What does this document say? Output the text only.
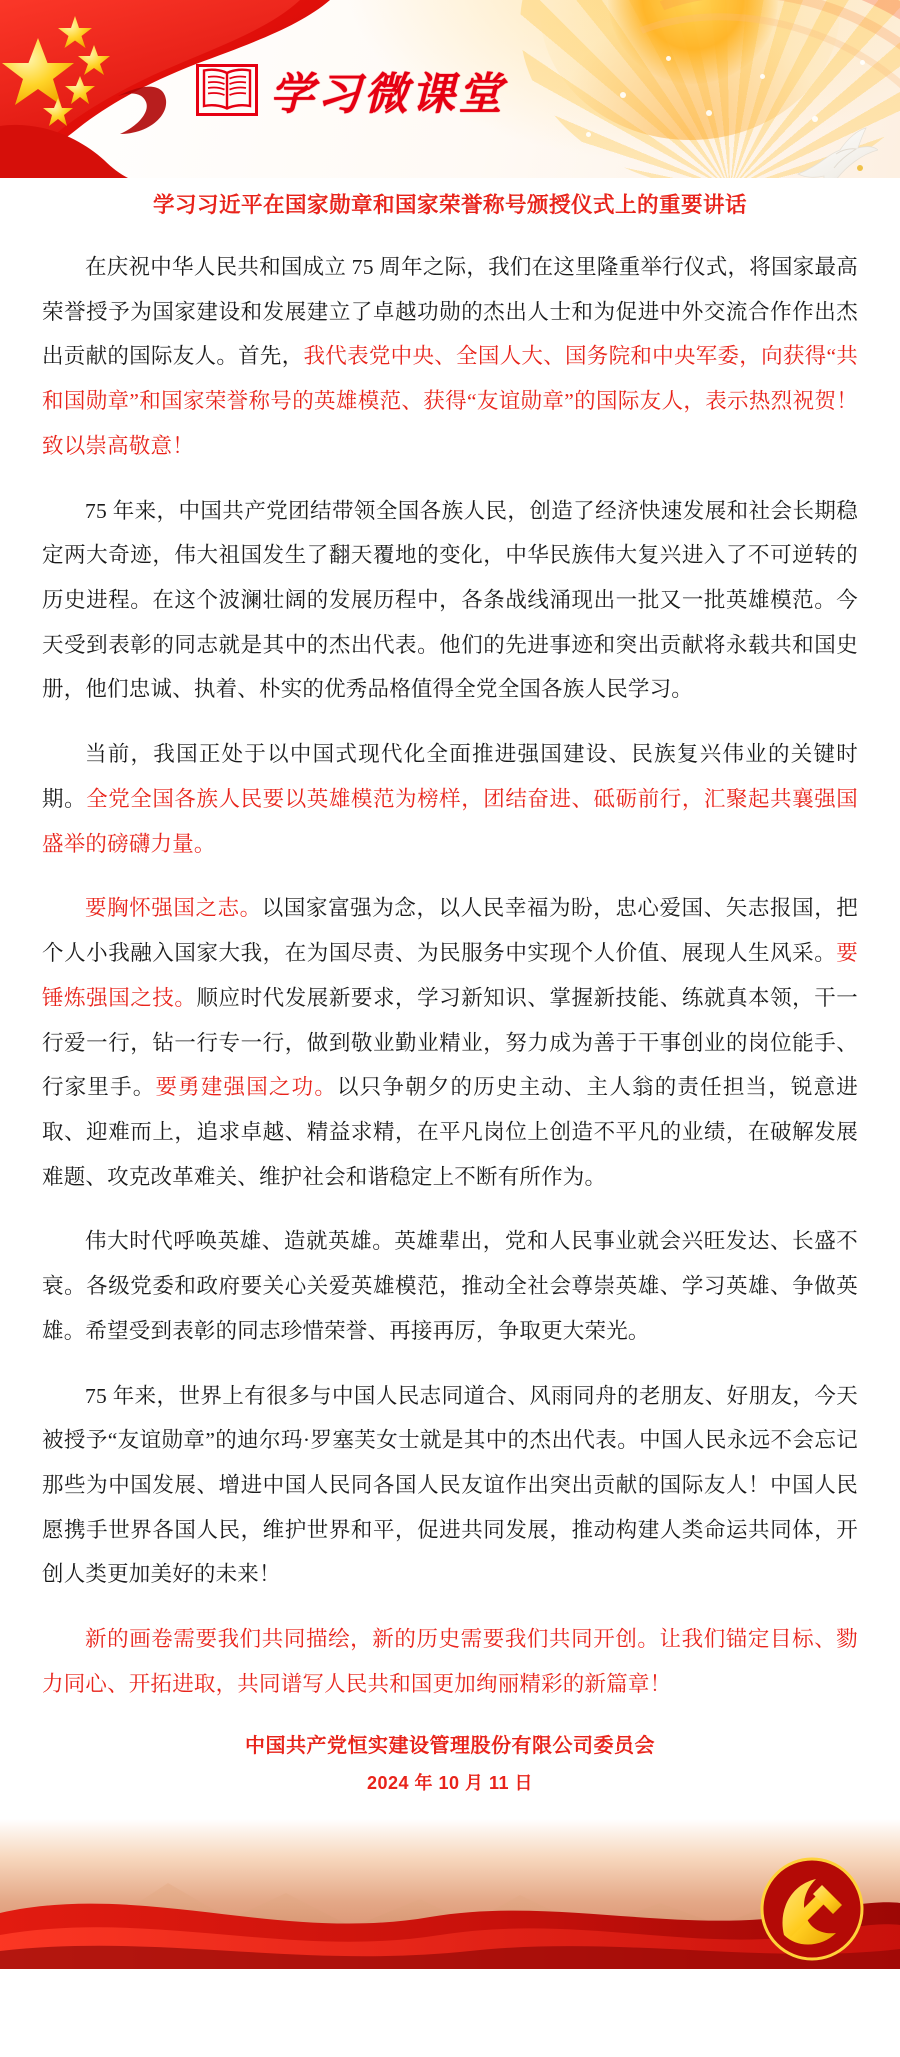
学习微课堂
学习习近平在国家勋章和国家荣誉称号颁授仪式上的重要讲话

在庆祝中华人民共和国成立 75 周年之际，我们在这里隆重举行仪式，将国家最高荣誉授予为国家建设和发展建立了卓越功勋的杰出人士和为促进中外交流合作作出杰出贡献的国际友人。首先，我代表党中央、全国人大、国务院和中央军委，向获得“共和国勋章”和国家荣誉称号的英雄模范、获得“友谊勋章”的国际友人，表示热烈祝贺！致以崇高敬意！

75 年来，中国共产党团结带领全国各族人民，创造了经济快速发展和社会长期稳定两大奇迹，伟大祖国发生了翻天覆地的变化，中华民族伟大复兴进入了不可逆转的历史进程。在这个波澜壮阔的发展历程中，各条战线涌现出一批又一批英雄模范。今天受到表彰的同志就是其中的杰出代表。他们的先进事迹和突出贡献将永载共和国史册，他们忠诚、执着、朴实的优秀品格值得全党全国各族人民学习。

当前，我国正处于以中国式现代化全面推进强国建设、民族复兴伟业的关键时期。全党全国各族人民要以英雄模范为榜样，团结奋进、砥砺前行，汇聚起共襄强国盛举的磅礴力量。

要胸怀强国之志。以国家富强为念，以人民幸福为盼，忠心爱国、矢志报国，把个人小我融入国家大我，在为国尽责、为民服务中实现个人价值、展现人生风采。要锤炼强国之技。顺应时代发展新要求，学习新知识、掌握新技能、练就真本领，干一行爱一行，钻一行专一行，做到敬业勤业精业，努力成为善于干事创业的岗位能手、行家里手。要勇建强国之功。以只争朝夕的历史主动、主人翁的责任担当，锐意进取、迎难而上，追求卓越、精益求精，在平凡岗位上创造不平凡的业绩，在破解发展难题、攻克改革难关、维护社会和谐稳定上不断有所作为。

伟大时代呼唤英雄、造就英雄。英雄辈出，党和人民事业就会兴旺发达、长盛不衰。各级党委和政府要关心关爱英雄模范，推动全社会尊崇英雄、学习英雄、争做英雄。希望受到表彰的同志珍惜荣誉、再接再厉，争取更大荣光。

75 年来，世界上有很多与中国人民志同道合、风雨同舟的老朋友、好朋友，今天被授予“友谊勋章”的迪尔玛·罗塞芙女士就是其中的杰出代表。中国人民永远不会忘记那些为中国发展、增进中国人民同各国人民友谊作出突出贡献的国际友人！中国人民愿携手世界各国人民，维护世界和平，促进共同发展，推动构建人类命运共同体，开创人类更加美好的未来！

新的画卷需要我们共同描绘，新的历史需要我们共同开创。让我们锚定目标、勠力同心、开拓进取，共同谱写人民共和国更加绚丽精彩的新篇章！

中国共产党恒实建设管理股份有限公司委员会
2024 年 10 月 11 日
